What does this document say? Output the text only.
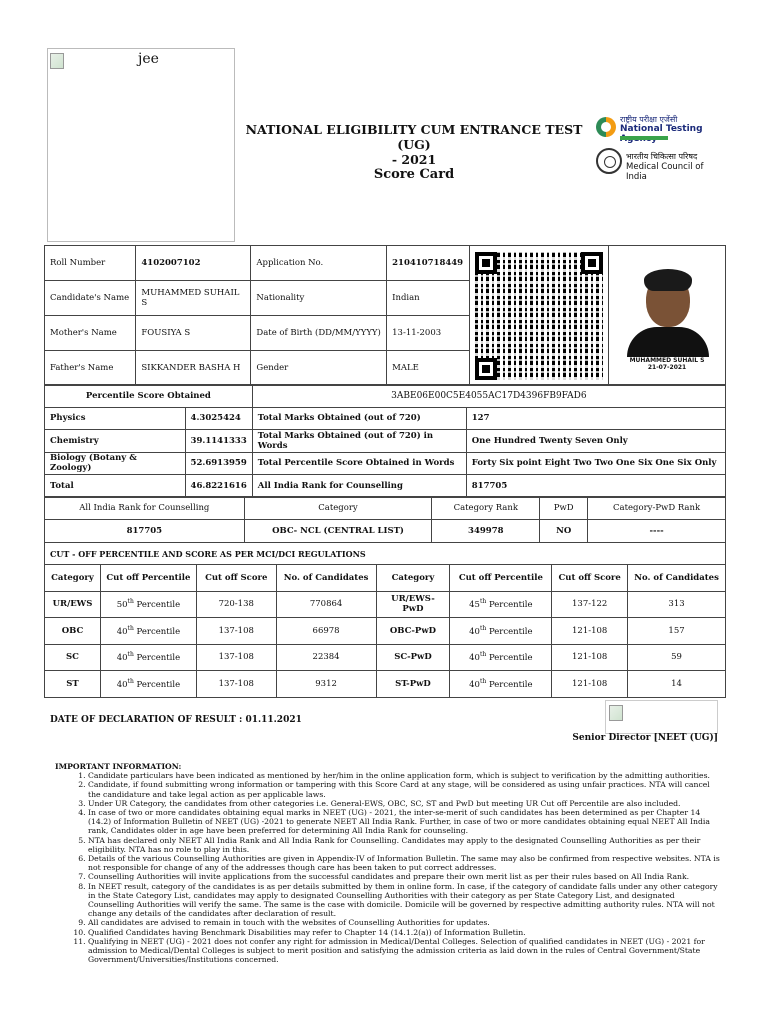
jee
NATIONAL ELIGIBILITY CUM ENTRANCE TEST (UG)
- 2021
Score Card
राष्ट्रीय परीक्षा एजेंसी
National Testing
भारतीय चिकित्सा परिषद
Medical Council of India
Roll Number	4102007102	Application No.	210410718449		MUHAMMED SUHAIL S
21-07-2021

Candidate's Name	MUHAMMED SUHAIL S	Nationality	Indian		
Mother's Name	FOUSIYA S	Date of Birth (DD/MM/YYYY)	13-11-2003		
Father's Name	SIKKANDER BASHA H	Gender	MALE		
Percentile Score Obtained		3ABE06E00C5E4055AC17D4396FB9FAD6	
Physics	4.3025424	Total Marks Obtained (out of 720)	127
Chemistry	39.1141333	Total Marks Obtained (out of 720) in Words	One Hundred Twenty Seven Only
Biology (Botany & Zoology)	52.6913959	Total Percentile Score Obtained in Words	Forty Six point Eight Two Two One Six One Six Only
Total	46.8221616	All India Rank for Counselling	817705
All India Rank for Counselling	Category	Category Rank	PwD	Category-PwD Rank
817705	OBC- NCL (CENTRAL LIST)	349978	NO	----
CUT - OFF PERCENTILE AND SCORE AS PER MCI/DCI REGULATIONS							
Category	Cut off Percentile	Cut off Score	No. of Candidates	Category	Cut off Percentile	Cut off Score	No. of Candidates
UR/EWS	50th Percentile	720-138	770864	UR/EWS-PwD	45th Percentile	137-122	313
OBC	40th Percentile	137-108	66978	OBC-PwD	40th Percentile	121-108	157
SC	40th Percentile	137-108	22384	SC-PwD	40th Percentile	121-108	59
ST	40th Percentile	137-108	9312	ST-PwD	40th Percentile	121-108	14
DATE OF DECLARATION OF RESULT : 01.11.2021
Senior Director [NEET (UG)]
IMPORTANT INFORMATION:
1. Candidate particulars have been indicated as mentioned by her/him in the online application form, which is subject to verification by the admitting authorities.
2. Candidate, if found submitting wrong information or tampering with this Score Card at any stage, will be considered as using unfair practices. NTA will cancel the candidature and take legal action as per applicable laws.
3. Under UR Category, the candidates from other categories i.e. General-EWS, OBC, SC, ST and PwD but meeting UR Cut off Percentile are also included.
4. In case of two or more candidates obtaining equal marks in NEET (UG) - 2021, the inter-se-merit of such candidates has been determined as per Chapter 14 (14.2) of Information Bulletin of NEET (UG) -2021 to generate NEET All India Rank. Further, in case of two or more candidates obtaining equal NEET All India rank, Candidates older in age have been preferred for determining All India Rank for counseling.
5. NTA has declared only NEET All India Rank and All India Rank for Counselling. Candidates may apply to the designated Counselling Authorities as per their eligibility. NTA has no role to play in this.
6. Details of the various Counselling Authorities are given in Appendix-IV of Information Bulletin. The same may also be confirmed from respective websites. NTA is not responsible for change of any of the addresses though care has been taken to put correct addresses.
7. Counselling Authorities will invite applications from the successful candidates and prepare their own merit list as per their rules based on All India Rank.
8. In NEET result, category of the candidates is as per details submitted by them in online form. In case, if the category of candidate falls under any other category in the State Category List, candidates may apply to designated Counselling Authorities with their category as per State Category List, and designated Counselling Authorities will verify the same. The same is the case with domicile. Domicile will be governed by respective admitting authority rules. NTA will not change any details of the candidates after declaration of result.
9. All candidates are advised to remain in touch with the websites of Counselling Authorities for updates.
10. Qualified Candidates having Benchmark Disabilities may refer to Chapter 14 (14.1.2(a)) of Information Bulletin.
11. Qualifying in NEET (UG) - 2021 does not confer any right for admission in Medical/Dental Colleges. Selection of qualified candidates in NEET (UG) - 2021 for admission to Medical/Dental Colleges is subject to merit position and satisfying the admission criteria as laid down in the rules of Central Government/State Government/Universities/Institutions concerned.
